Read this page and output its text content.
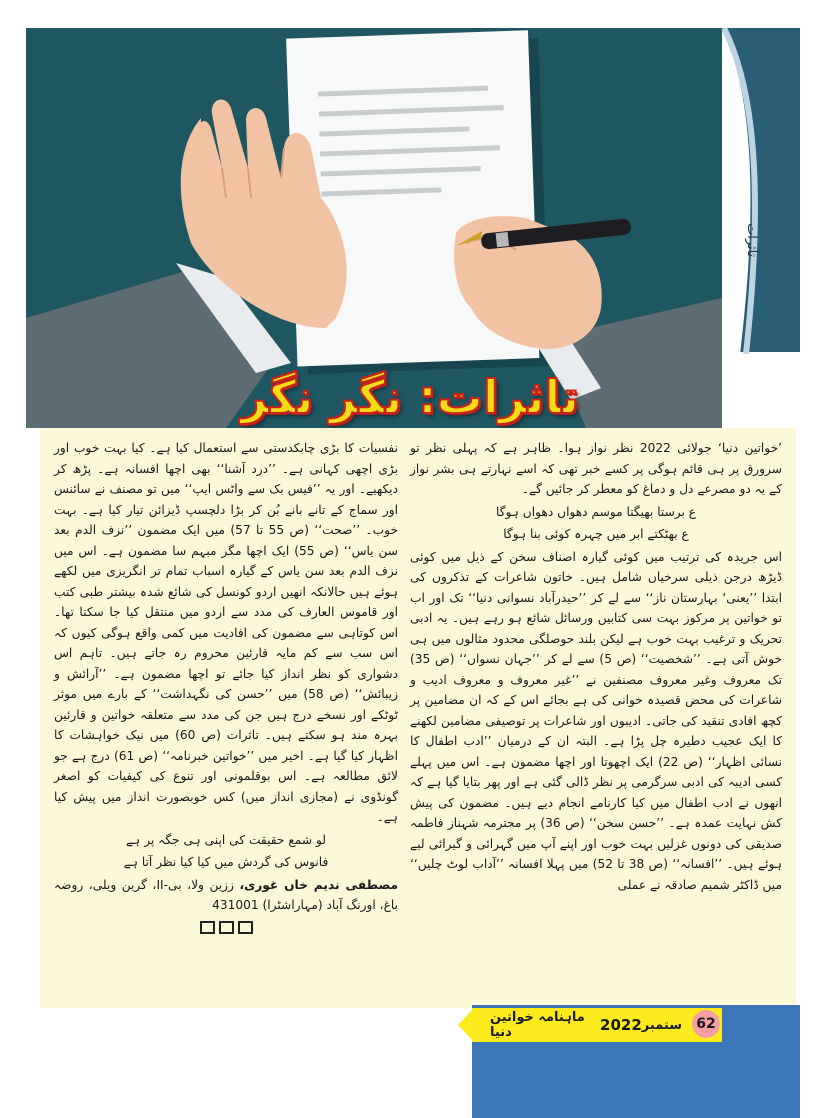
تاثرات
تاثرات: نگر نگر

’خواتین دنیا‘ جولائی 2022 نظر نواز ہوا۔ ظاہر ہے کہ پہلی نظر تو سرورق پر ہی قائم ہوگی پر کسے خبر تھی کہ اسے نہارتے ہی بشر نواز کے یہ دو مصرعے دل و دماغ کو معطر کر جائیں گے۔

ع برستا بھیگتا موسم دھواں دھواں ہوگا

ع بھٹکتے ابر میں چہرہ کوئی بنا ہوگا

اس جریدہ کی ترتیب میں کوئی گیارہ اصناف سخن کے ذیل میں کوئی ڈیڑھ درجن ذیلی سرخیاں شامل ہیں۔ خاتون شاعرات کے تذکروں کی ابتدا ’’یعنی‘ بہارستان ناز‘‘ سے لے کر ’’حیدرآباد نسوانی دنیا‘‘ تک اور اب تو خواتین پر مرکوز بہت سی کتابیں ورسائل شائع ہو رہے ہیں۔ یہ ادبی تحریک و ترغیب بہت خوب ہے لیکن بلند حوصلگی محدود مثالوں میں ہی خوش آتی ہے۔ ’’شخصیت‘‘ (ص 5) سے لے کر ’’جہان نسواں‘‘ (ص 35) تک معروف وغیر معروف مصنفین نے ’’غیر معروف و معروف ادیب و شاعرات کی محض قصیدہ خوانی کی ہے بجائے اس کے کہ ان مضامین پر کچھ افادی تنقید کی جاتی۔ ادیبوں اور شاعرات پر توصیفی مضامین لکھنے کا ایک عجیب دطیرہ چل پڑا ہے۔ البتہ ان کے درمیان ’’ادب اطفال کا نسائی اظہار‘‘ (ص 22) ایک اچھوتا اور اچھا مضمون ہے۔ اس میں پہلے کسی ادیبہ کی ادبی سرگرمی پر نظر ڈالی گئی ہے اور پھر بتایا گیا ہے کہ انھوں نے ادب اطفال میں کیا کارنامے انجام دیے ہیں۔ مضمون کی پیش کش نہایت عمدہ ہے۔ ’’حسن سخن‘‘ (ص 36) پر محترمہ شہناز فاطمہ صدیقی کی دونوں غزلیں بہت خوب اور اپنے آپ میں گہرائی و گیرائی لیے ہوئے ہیں۔ ’’افسانہ‘‘ (ص 38 تا 52) میں پہلا افسانہ ’’آداب لوٹ چلیں‘‘ میں ڈاکٹر شمیم صادقہ نے عملی

نفسیات کا بڑی چابکدستی سے استعمال کیا ہے۔ کیا بہت خوب اور بڑی اچھی کہانی ہے۔ ’’درد آشنا‘‘ بھی اچھا افسانہ ہے۔ پڑھ کر دیکھیے۔ اور یہ ’’فیس بک سے واٹس ایپ‘‘ میں تو مصنف نے سائنس اور سماج کے تانے بانے بُن کر بڑا دلچسپ ڈیزائن تیار کیا ہے۔ بہت خوب۔ ’’صحت‘‘ (ص 55 تا 57) میں ایک مضمون ’’نزف الدم بعد سن یاس‘‘ (ص 55) ایک اچھا مگر مبہم سا مضمون ہے۔ اس میں نزف الدم بعد سن یاس کے گیارہ اسباب تمام تر انگریزی میں لکھے ہوئے ہیں حالانکہ انھیں اردو کونسل کی شائع شدہ بیشتر طبی کتب اور قاموس العارف کی مدد سے اردو میں منتقل کیا جا سکتا تھا۔ اس کوتاہی سے مضمون کی افادیت میں کمی واقع ہوگی کیوں کہ اس سب سے کم مایہ قارئین محروم رہ جاتے ہیں۔ تاہم اس دشواری کو نظر انداز کیا جائے تو اچھا مضمون ہے۔ ’’آرائش و زیبائش‘‘ (ص 58) میں ’’حسن کی نگہداشت‘‘ کے بارے میں موثر ٹوٹکے اور نسخے درج ہیں جن کی مدد سے متعلقہ خواتین و قارئین بہرہ مند ہو سکتے ہیں۔ تاثرات (ص 60) میں نیک خواہشات کا اظہار کیا گیا ہے۔ اخیر میں ’’خواتین خبرنامہ‘‘ (ص 61) درج ہے جو لائق مطالعہ ہے۔ اس بوقلمونی اور تنوع کی کیفیات کو اصغر گونڈوی نے (مجازی انداز میں) کس خوبصورت انداز میں پیش کیا ہے۔

لو شمع حقیقت کی اپنی ہی جگہ پر ہے

فانوس کی گردش میں کیا کیا نظر آتا ہے

مصطفی ندیم خاں غوری، ززین ولا، بی-II، گرین ویلی، روضہ باغ، اورنگ آباد (مہاراشٹرا) 431001

ماہنامہ خواتین دنیا	2022 ستمبر	62
